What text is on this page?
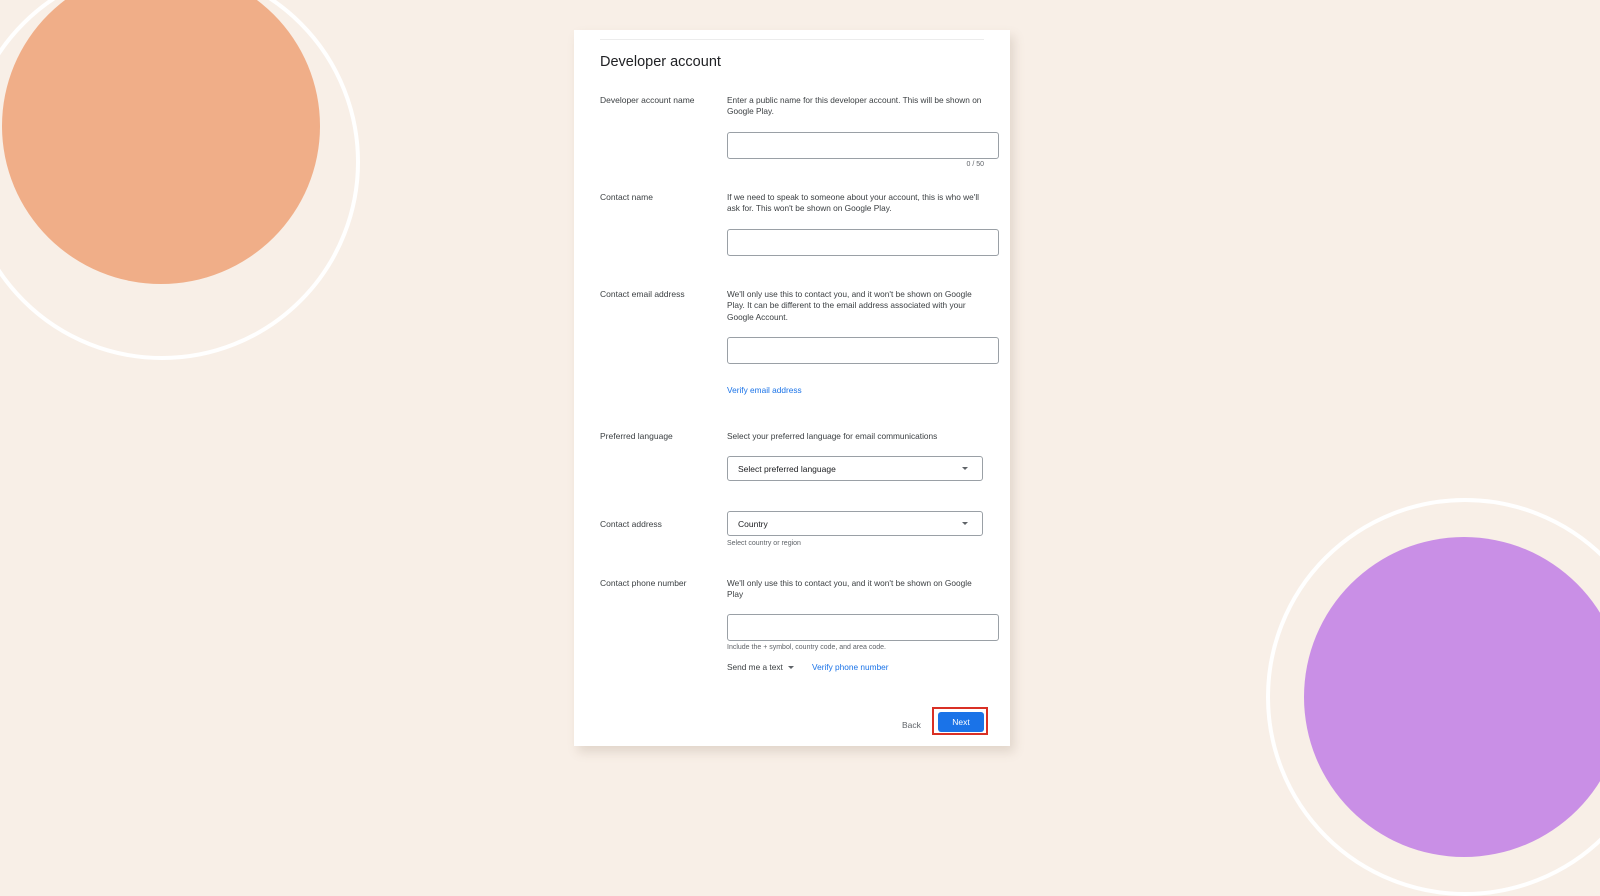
Developer account
Developer account name	Enter a public name for this developer account. This will be shown on Google Play.
0 / 50
Contact name	If we need to speak to someone about your account, this is who we'll ask for. This won't be shown on Google Play.
Contact email address	We'll only use this to contact you, and it won't be shown on Google Play. It can be different to the email address associated with your Google Account.
Verify email address
Preferred language	Select your preferred language for email communications
Select preferred language
Contact address	Country
Select country or region
Contact phone number	We'll only use this to contact you, and it won't be shown on Google Play
Include the + symbol, country code, and area code.
Send me a text	Verify phone number
Back	Next
